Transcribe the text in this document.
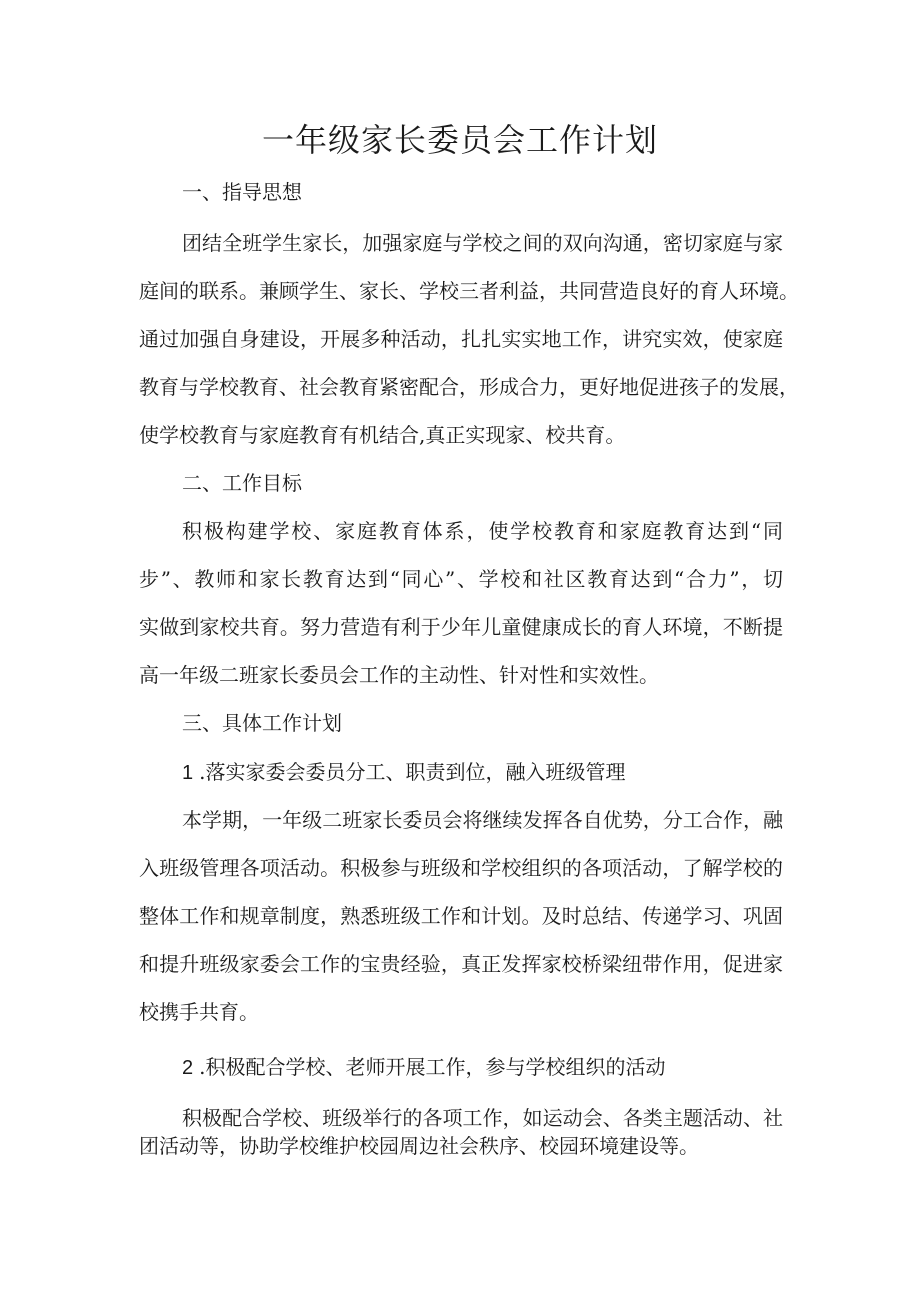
一年级家长委员会工作计划

一、指导思想

团结全班学生家长，加强家庭与学校之间的双向沟通，密切家庭与家

庭间的联系。兼顾学生、家长、学校三者利益，共同营造良好的育人环境。

通过加强自身建设，开展多种活动，扎扎实实地工作，讲究实效，使家庭

教育与学校教育、社会教育紧密配合，形成合力，更好地促进孩子的发展，

使学校教育与家庭教育有机结合,真正实现家、校共育。

二、工作目标

积极构建学校、家庭教育体系，使学校教育和家庭教育达到“同

步”、教师和家长教育达到“同心”、学校和社区教育达到“合力”，切

实做到家校共育。努力营造有利于少年儿童健康成长的育人环境，不断提

高一年级二班家长委员会工作的主动性、针对性和实效性。

三、具体工作计划

1 .落实家委会委员分工、职责到位，融入班级管理

本学期，一年级二班家长委员会将继续发挥各自优势，分工合作，融

入班级管理各项活动。积极参与班级和学校组织的各项活动，了解学校的

整体工作和规章制度，熟悉班级工作和计划。及时总结、传递学习、巩固

和提升班级家委会工作的宝贵经验，真正发挥家校桥梁纽带作用，促进家

校携手共育。

2 .积极配合学校、老师开展工作，参与学校组织的活动

积极配合学校、班级举行的各项工作，如运动会、各类主题活动、社

团活动等，协助学校维护校园周边社会秩序、校园环境建设等。
